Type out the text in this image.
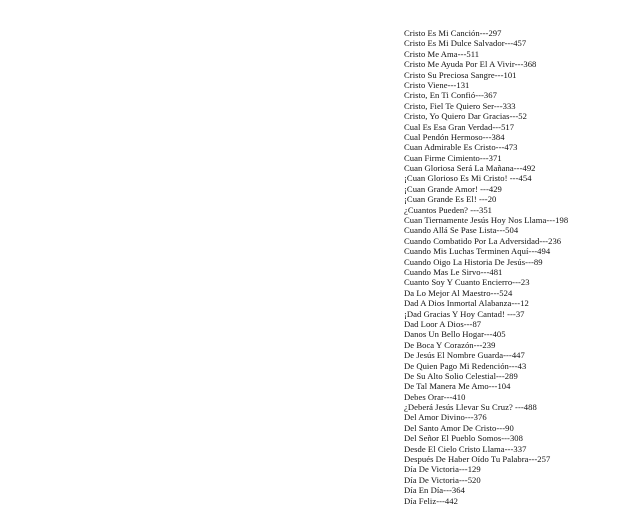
Cristo Es Mi Canción---297
Cristo Es Mi Dulce Salvador---457
Cristo Me Ama---511
Cristo Me Ayuda Por El A Vivir---368
Cristo Su Preciosa Sangre---101
Cristo Viene---131
Cristo, En Ti Confió---367
Cristo, Fiel Te Quiero Ser---333
Cristo, Yo Quiero Dar Gracias---52
Cual Es Esa Gran Verdad---517
Cual Pendón Hermoso---384
Cuan Admirable Es Cristo---473
Cuan Firme Cimiento---371
Cuan Gloriosa Será La Mañana---492
¡Cuan Glorioso Es Mi Cristo! ---454
¡Cuan Grande Amor! ---429
¡Cuan Grande Es El! ---20
¿Cuantos Pueden? ---351
Cuan Tiernamente Jesús Hoy Nos Llama---198
Cuando Allá Se Pase Lista---504
Cuando Combatido Por La Adversidad---236
Cuando Mis Luchas Terminen Aquí---494
Cuando Oigo La Historia De Jesús---89
Cuando Mas Le Sirvo---481
Cuanto Soy Y Cuanto Encierro---23
Da Lo Mejor Al Maestro---524
Dad A Dios Inmortal Alabanza---12
¡Dad Gracias Y Hoy Cantad! ---37
Dad Loor A Dios---87
Danos Un Bello Hogar---405
De Boca Y Corazón---239
De Jesús El Nombre Guarda---447
De Quien Pago Mi Redención---43
De Su Alto Solio Celestial---289
De Tal Manera Me Amo---104
Debes Orar---410
¿Deberá Jesús Llevar Su Cruz? ---488
Del Amor Divino---376
Del Santo Amor De Cristo---90
Del Señor El Pueblo Somos---308
Desde El Cielo Cristo Llama---337
Después De Haber Oído Tu Palabra---257
Día De Victoria---129
Día De Victoria---520
Día En Día---364
Día Feliz---442
